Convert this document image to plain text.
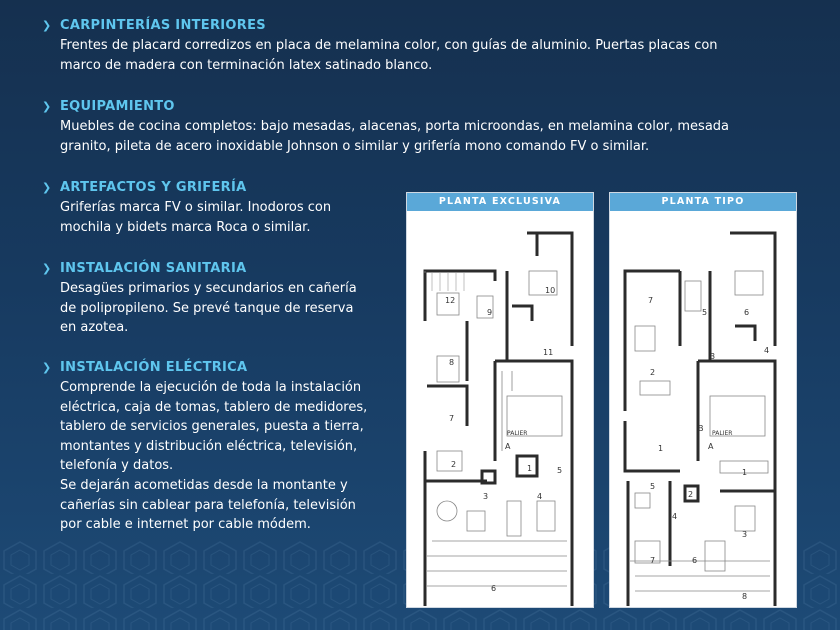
❯ CARPINTERÍAS INTERIORES
Frentes de placard corredizos en placa de melamina color, con guías de aluminio. Puertas placas con
marco de madera con terminación latex satinado blanco.
❯ EQUIPAMIENTO
Muebles de cocina completos: bajo mesadas, alacenas, porta microondas, en melamina color, mesada
granito, pileta de acero inoxidable Johnson o similar y grifería mono comando FV o similar.
❯ ARTEFACTOS Y GRIFERÍA
Griferías marca FV o similar. Inodoros con
mochila y bidets marca Roca o similar.
❯ INSTALACIÓN SANITARIA
Desagües primarios y secundarios en cañería
de polipropileno. Se prevé tanque de reserva
en azotea.
❯ INSTALACIÓN ELÉCTRICA
Comprende la ejecución de toda la instalación
eléctrica, caja de tomas, tablero de medidores,
tablero de servicios generales, puesta a tierra,
montantes y distribución eléctrica, televisión,
telefonía y datos.
Se dejarán acometidas desde la montante y
cañerías sin cablear para telefonía, televisión
por cable e internet por cable módem.
PLANTA EXCLUSIVA
12
9
10
8
11
7
1	5
2
3	4
6
PALIER
A
PLANTA TIPO
7
5	6
4
3
2
1
1
5
2
4
3
7	6
8
PALIER
A
B
